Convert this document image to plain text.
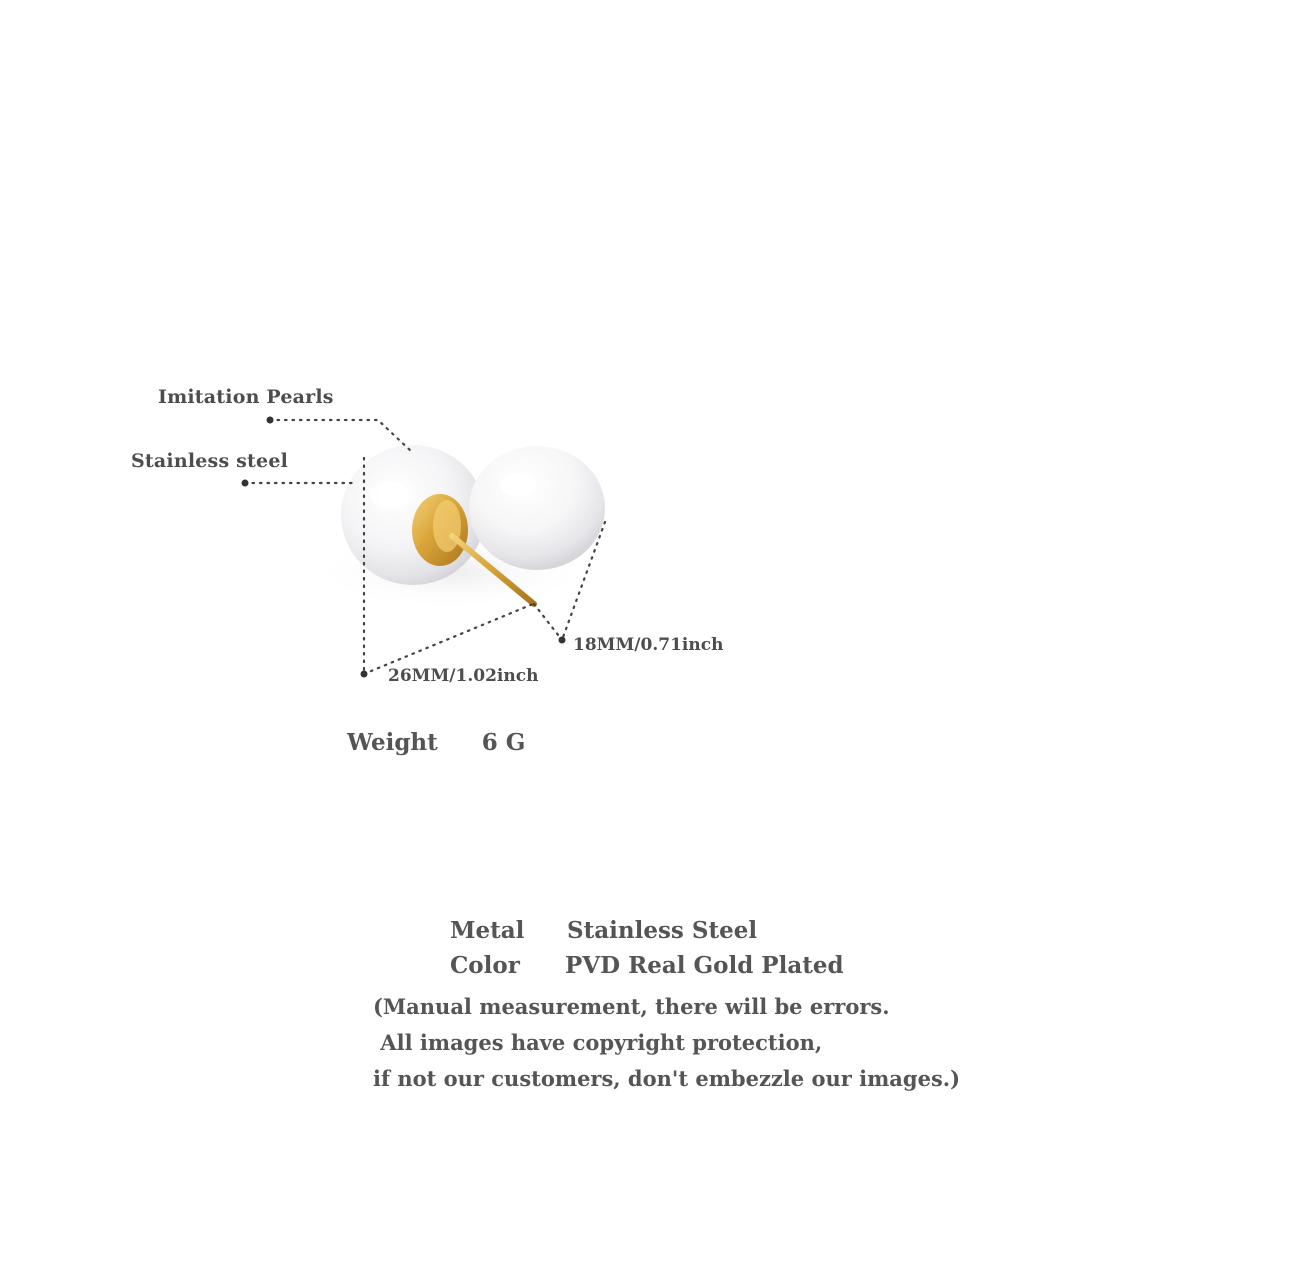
Imitation Pearls
Stainless steel
18MM/0.71inch
26MM/1.02inch
Weight 6 G
Metal Stainless Steel
Color PVD Real Gold Plated
(Manual measurement, there will be errors.
All images have copyright protection,
if not our customers, don't embezzle our images.)
